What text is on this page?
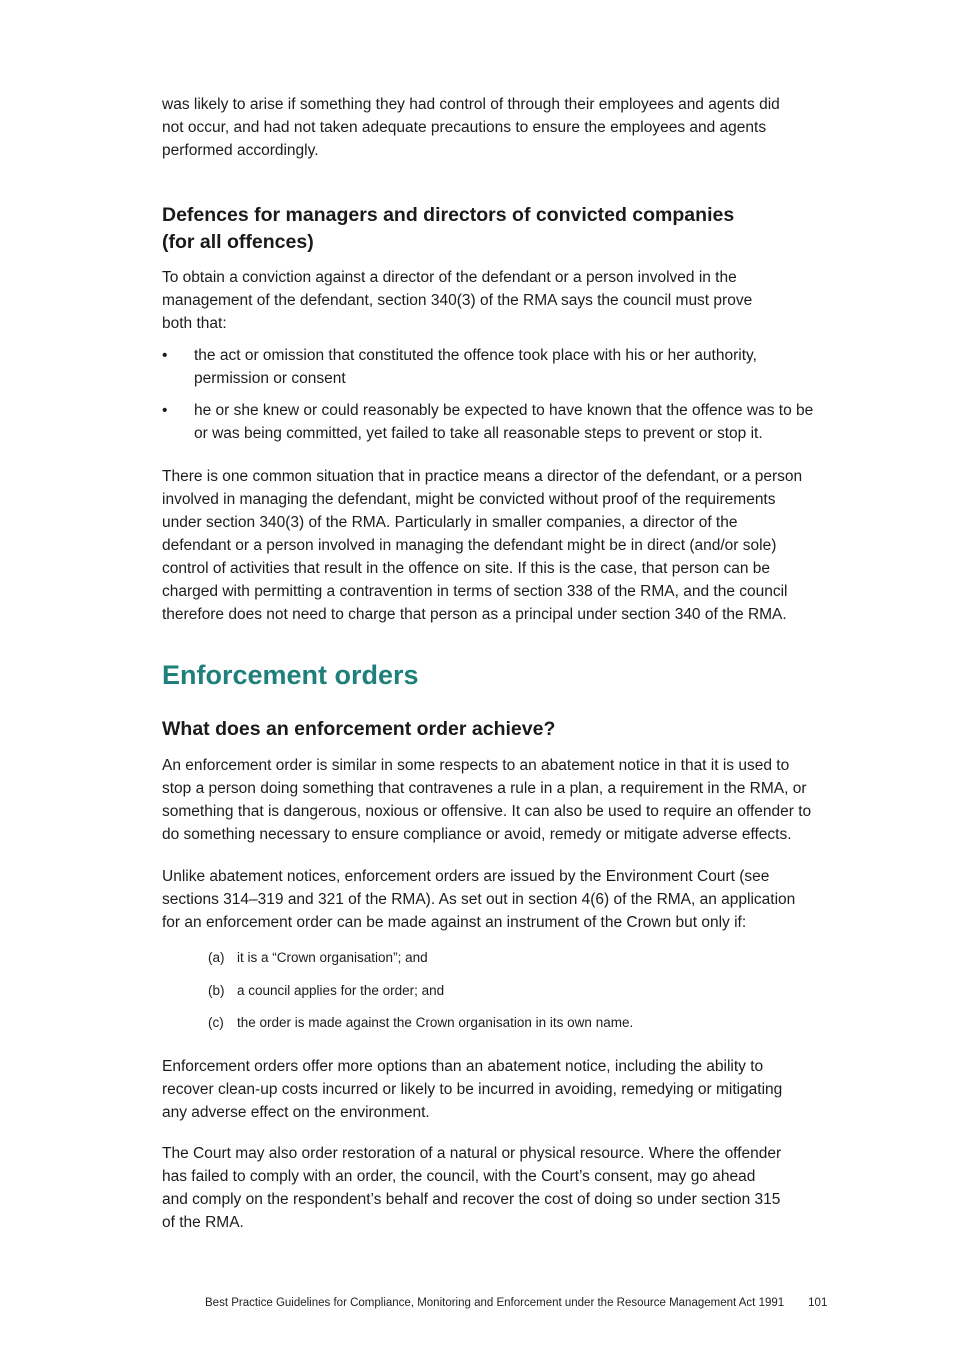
was likely to arise if something they had control of through their employees and agents did
not occur, and had not taken adequate precautions to ensure the employees and agents
performed accordingly.

Defences for managers and directors of convicted companies
(for all offences)

To obtain a conviction against a director of the defendant or a person involved in the
management of the defendant, section 340(3) of the RMA says the council must prove
both that:

• the act or omission that constituted the offence took place with his or her authority,
permission or consent
• he or she knew or could reasonably be expected to have known that the offence was to be
or was being committed, yet failed to take all reasonable steps to prevent or stop it.

There is one common situation that in practice means a director of the defendant, or a person
involved in managing the defendant, might be convicted without proof of the requirements
under section 340(3) of the RMA. Particularly in smaller companies, a director of the
defendant or a person involved in managing the defendant might be in direct (and/or sole)
control of activities that result in the offence on site. If this is the case, that person can be
charged with permitting a contravention in terms of section 338 of the RMA, and the council
therefore does not need to charge that person as a principal under section 340 of the RMA.

Enforcement orders
What does an enforcement order achieve?

An enforcement order is similar in some respects to an abatement notice in that it is used to
stop a person doing something that contravenes a rule in a plan, a requirement in the RMA, or
something that is dangerous, noxious or offensive. It can also be used to require an offender to
do something necessary to ensure compliance or avoid, remedy or mitigate adverse effects.

Unlike abatement notices, enforcement orders are issued by the Environment Court (see
sections 314–319 and 321 of the RMA). As set out in section 4(6) of the RMA, an application
for an enforcement order can be made against an instrument of the Crown but only if:

(a) it is a “Crown organisation”; and
(b) a council applies for the order; and
(c) the order is made against the Crown organisation in its own name.

Enforcement orders offer more options than an abatement notice, including the ability to
recover clean-up costs incurred or likely to be incurred in avoiding, remedying or mitigating
any adverse effect on the environment.

The Court may also order restoration of a natural or physical resource. Where the offender
has failed to comply with an order, the council, with the Court’s consent, may go ahead
and comply on the respondent’s behalf and recover the cost of doing so under section 315
of the RMA.

Best Practice Guidelines for Compliance, Monitoring and Enforcement under the Resource Management Act 1991 101
